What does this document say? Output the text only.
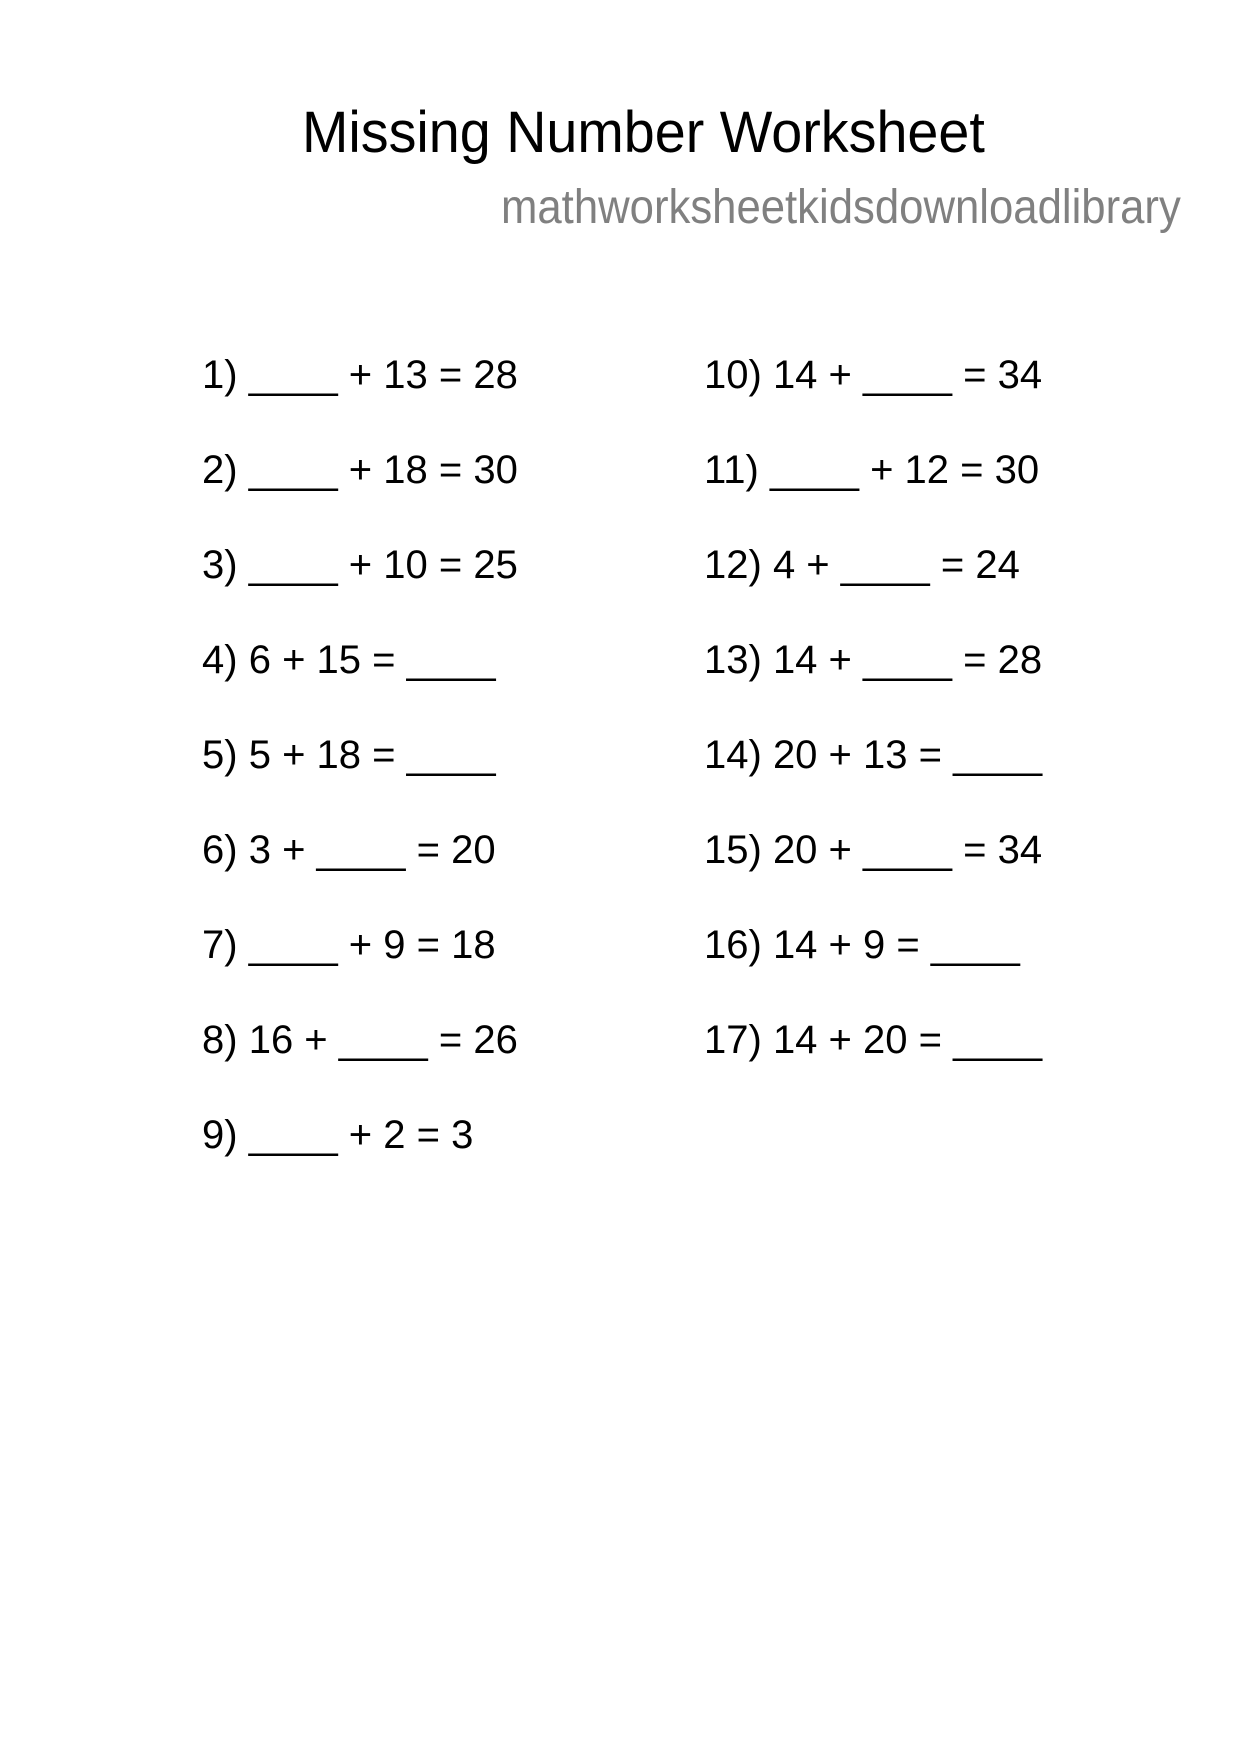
Missing Number Worksheet
mathworksheetkidsdownloadlibrary
1) ____ + 13 = 28
2) ____ + 18 = 30
3) ____ + 10 = 25
4) 6 + 15 = ____
5) 5 + 18 = ____
6) 3 + ____ = 20
7) ____ + 9 = 18
8) 16 + ____ = 26
9) ____ + 2 = 3
10) 14 + ____ = 34
11) ____ + 12 = 30
12) 4 + ____ = 24
13) 14 + ____ = 28
14) 20 + 13 = ____
15) 20 + ____ = 34
16) 14 + 9 = ____
17) 14 + 20 = ____
